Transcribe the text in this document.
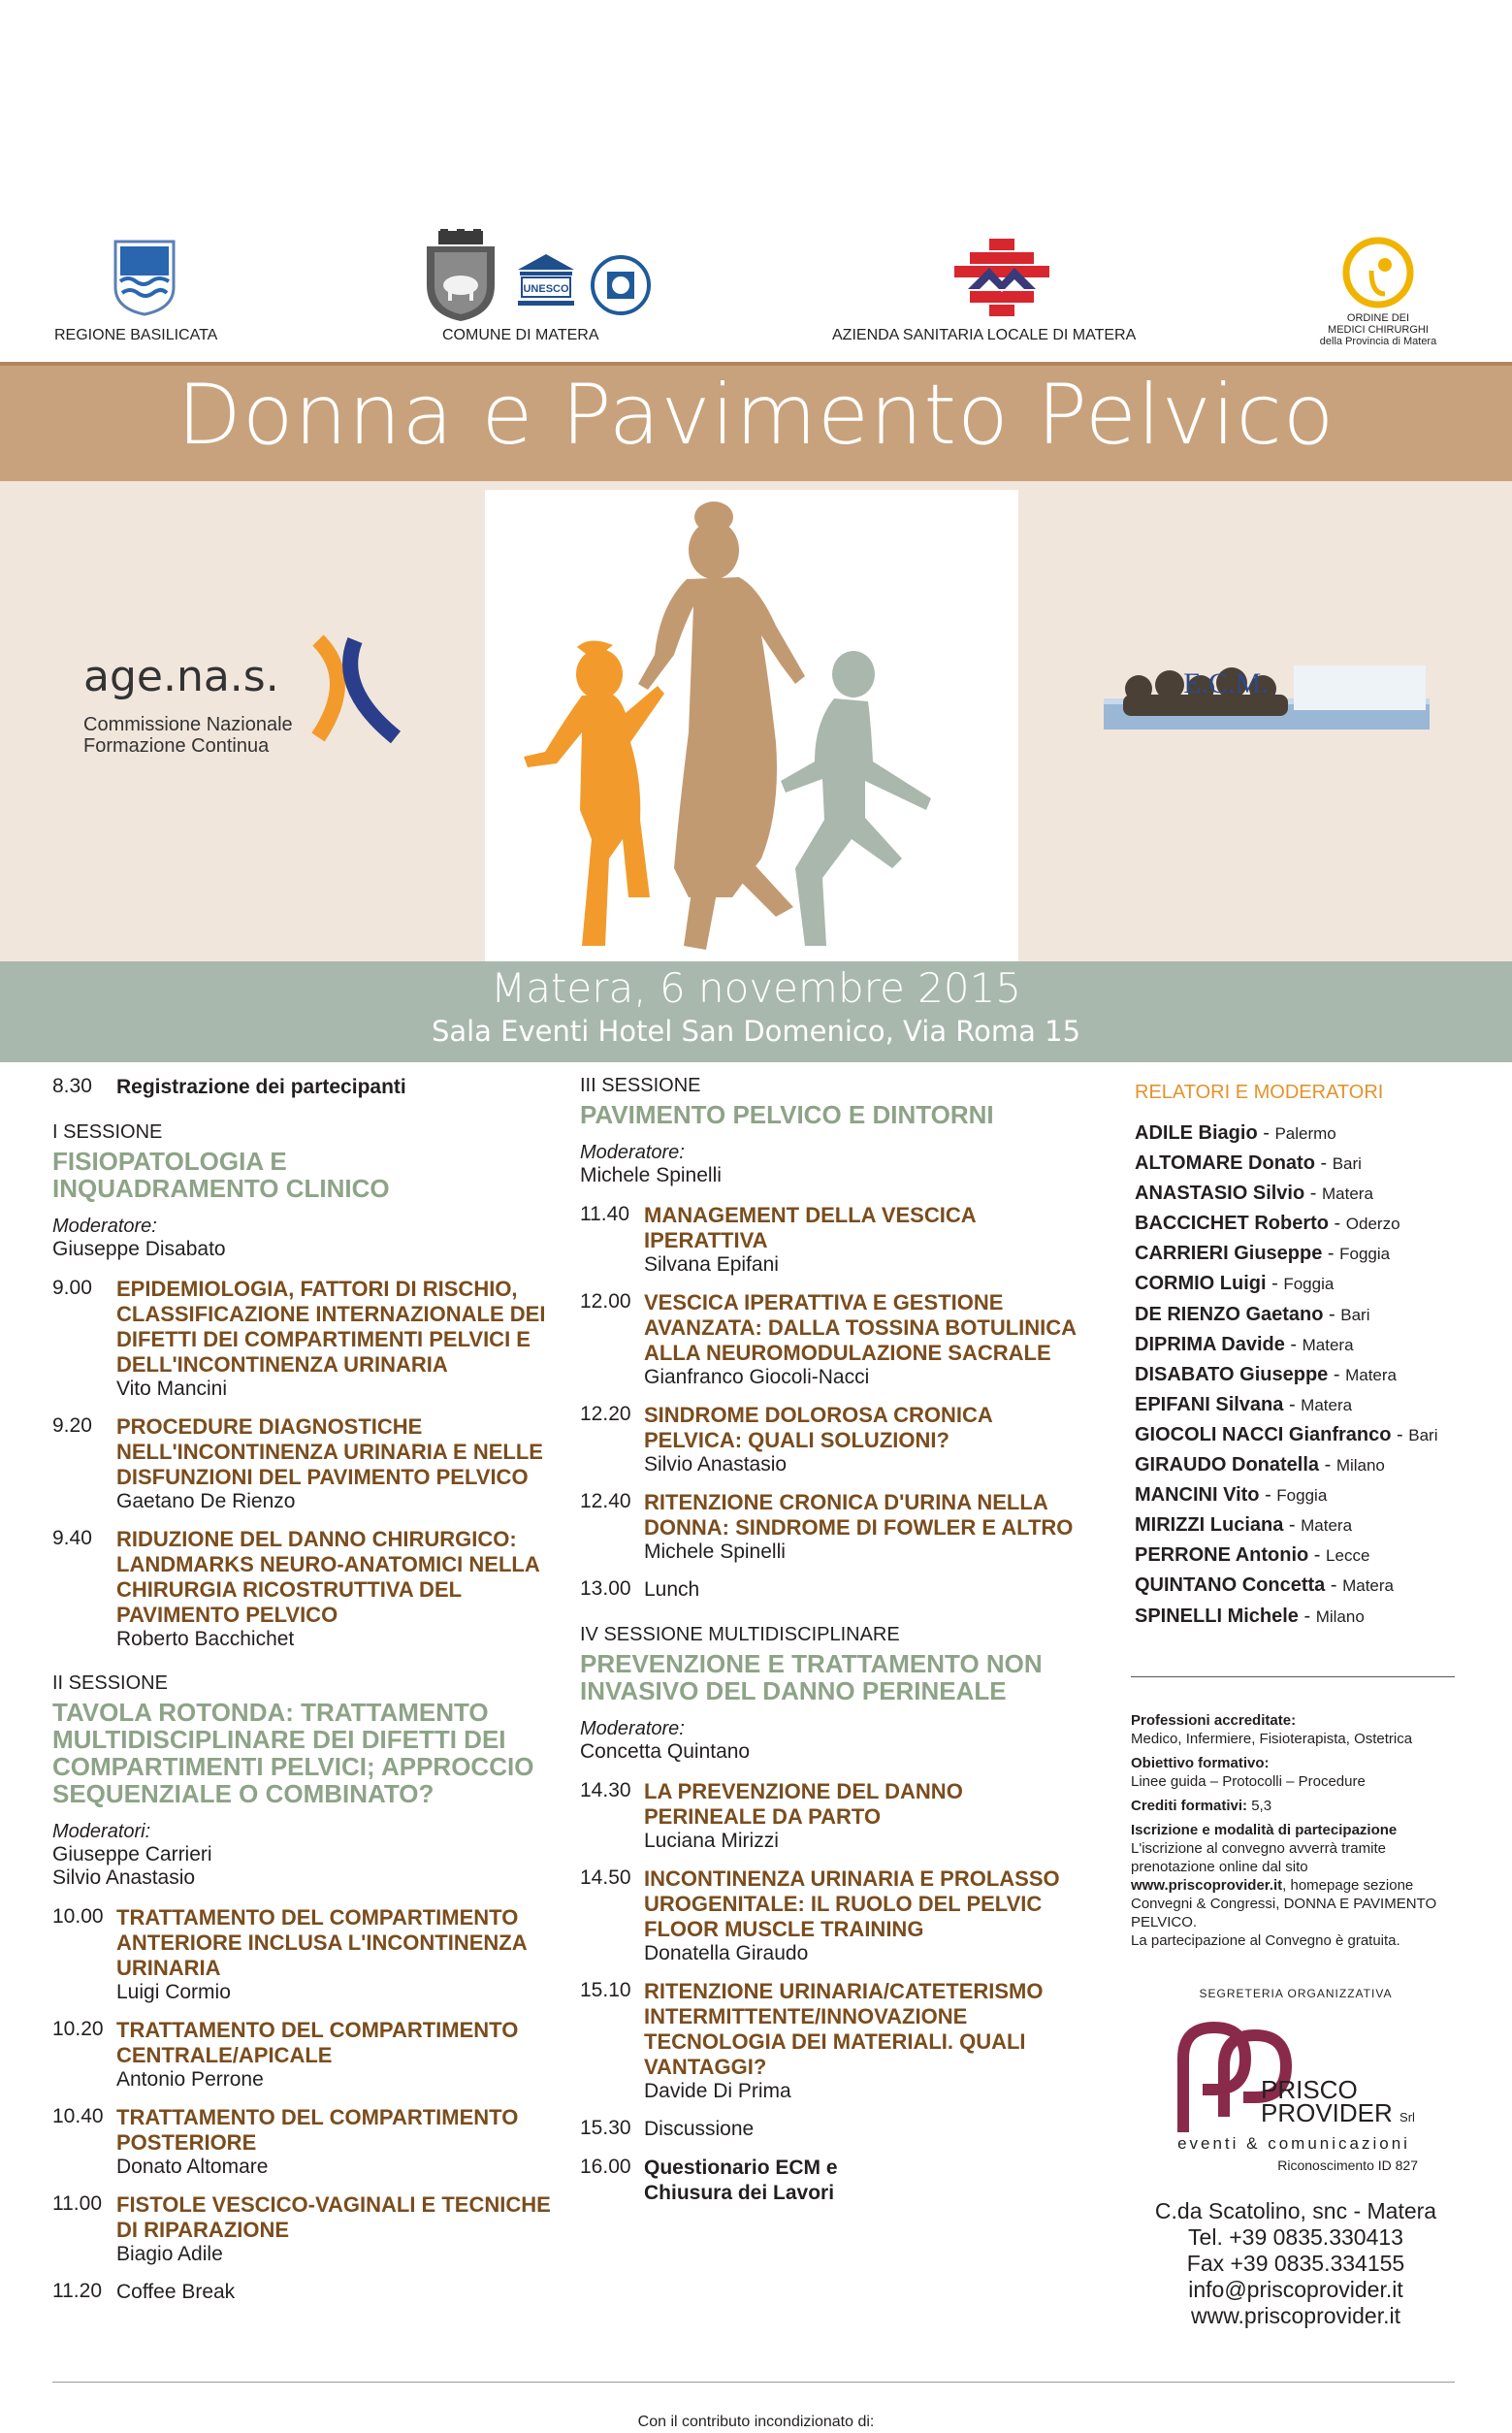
REGIONE BASILICATA
UNESCO
COMUNE DI MATERA	AZIENDA SANITARIA LOCALE DI MATERA
ORDINE DEI
MEDICI CHIRURGHI
della Provincia di Matera
Donna e Pavimento Pelvico
age.na.s.
Commissione Nazionale
Formazione Continua
E.C.M.
Matera, 6 novembre 2015
Sala Eventi Hotel San Domenico, Via Roma 15
8.30 Registrazione dei partecipanti
I SESSIONE
FISIOPATOLOGIA E
INQUADRAMENTO CLINICO
Moderatore:
Giuseppe Disabato
9.00 EPIDEMIOLOGIA, FATTORI DI RISCHIO, CLASSIFICAZIONE INTERNAZIONALE DEI DIFETTI DEI COMPARTIMENTI PELVICI E DELL'INCONTINENZA URINARIA
Vito Mancini
9.20 PROCEDURE DIAGNOSTICHE NELL'INCONTINENZA URINARIA E NELLE DISFUNZIONI DEL PAVIMENTO PELVICO
Gaetano De Rienzo
9.40 RIDUZIONE DEL DANNO CHIRURGICO: LANDMARKS NEURO-ANATOMICI NELLA CHIRURGIA RICOSTRUTTIVA DEL PAVIMENTO PELVICO
Roberto Bacchichet
II SESSIONE
TAVOLA ROTONDA: TRATTAMENTO MULTIDISCIPLINARE DEI DIFETTI DEI COMPARTIMENTI PELVICI; APPROCCIO SEQUENZIALE O COMBINATO?
Moderatori:
Giuseppe Carrieri
Silvio Anastasio
10.00 TRATTAMENTO DEL COMPARTIMENTO ANTERIORE INCLUSA L'INCONTINENZA URINARIA
Luigi Cormio
10.20 TRATTAMENTO DEL COMPARTIMENTO CENTRALE/APICALE
Antonio Perrone
10.40 TRATTAMENTO DEL COMPARTIMENTO POSTERIORE
Donato Altomare
11.00 FISTOLE VESCICO-VAGINALI E TECNICHE DI RIPARAZIONE
Biagio Adile
11.20 Coffee Break
III SESSIONE
PAVIMENTO PELVICO E DINTORNI
Moderatore:
Michele Spinelli
11.40 MANAGEMENT DELLA VESCICA IPERATTIVA
Silvana Epifani
12.00 VESCICA IPERATTIVA E GESTIONE AVANZATA: DALLA TOSSINA BOTULINICA ALLA NEUROMODULAZIONE SACRALE
Gianfranco Giocoli-Nacci
12.20 SINDROME DOLOROSA CRONICA PELVICA: QUALI SOLUZIONI?
Silvio Anastasio
12.40 RITENZIONE CRONICA D'URINA NELLA DONNA: SINDROME DI FOWLER E ALTRO
Michele Spinelli
13.00 Lunch
IV SESSIONE MULTIDISCIPLINARE
PREVENZIONE E TRATTAMENTO NON INVASIVO DEL DANNO PERINEALE
Moderatore:
Concetta Quintano
14.30 LA PREVENZIONE DEL DANNO PERINEALE DA PARTO
Luciana Mirizzi
14.50 INCONTINENZA URINARIA E PROLASSO UROGENITALE: IL RUOLO DEL PELVIC FLOOR MUSCLE TRAINING
Donatella Giraudo
15.10 RITENZIONE URINARIA/CATETERISMO INTERMITTENTE/INNOVAZIONE TECNOLOGIA DEI MATERIALI. QUALI VANTAGGI?
Davide Di Prima
15.30 Discussione
16.00 Questionario ECM e
Chiusura dei Lavori
RELATORI E MODERATORI
ADILE Biagio - Palermo
ALTOMARE Donato - Bari
ANASTASIO Silvio - Matera
BACCICHET Roberto - Oderzo
CARRIERI Giuseppe - Foggia
CORMIO Luigi - Foggia
DE RIENZO Gaetano - Bari
DIPRIMA Davide - Matera
DISABATO Giuseppe - Matera
EPIFANI Silvana - Matera
GIOCOLI NACCI Gianfranco - Bari
GIRAUDO Donatella - Milano
MANCINI Vito - Foggia
MIRIZZI Luciana - Matera
PERRONE Antonio - Lecce
QUINTANO Concetta - Matera
SPINELLI Michele - Milano

Professioni accreditate:
Medico, Infermiere, Fisioterapista, Ostetrica

Obiettivo formativo:
Linee guida – Protocolli – Procedure

Crediti formativi: 5,3

Iscrizione e modalità di partecipazione
L'iscrizione al convegno avverrà tramite prenotazione online dal sito www.priscoprovider.it, homepage sezione Convegni & Congressi, DONNA E PAVIMENTO PELVICO.
La partecipazione al Convegno è gratuita.

SEGRETERIA ORGANIZZATIVA
PRISCO
PROVIDER Srl
eventi & comunicazioni
Riconoscimento ID 827
C.da Scatolino, snc - Matera
Tel. +39 0835.330413
Fax +39 0835.334155
info@priscoprovider.it
www.priscoprovider.it
Con il contributo incondizionato di:
